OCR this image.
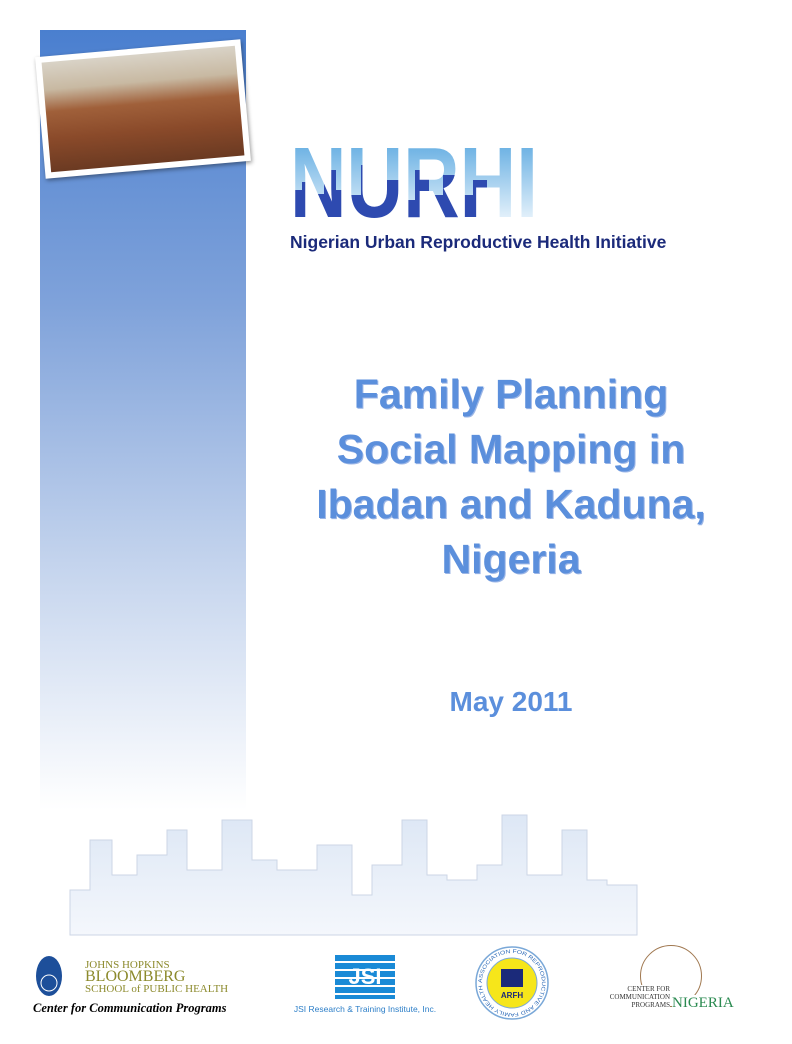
Nigerian Urban Reproductive Health Initiative
Family Planning
Social Mapping in
Ibadan and Kaduna,
Nigeria
May 2011
JOHNS HOPKINS
BLOOMBERG
SCHOOL of PUBLIC HEALTH
Center for Communication Programs
JSI
JSI Research & Training Institute, Inc.
ASSOCIATION FOR REPRODUCTIVE AND FAMILY HEALTH
ARFH
CENTER FOR COMMUNICATION PROGRAMS NIGERIA
